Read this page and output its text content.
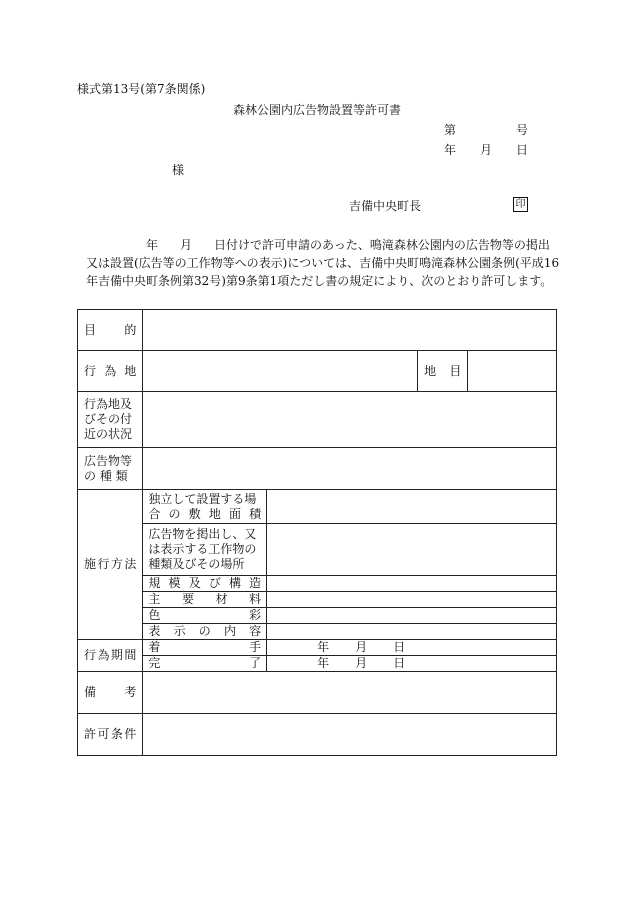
様式第13号(第7条関係)
森林公園内広告物設置等許可書
第	号
年 月 日
様
吉備中央町長	印
年 月 日付けで許可申請のあった、鳴滝森林公園内の広告物等の掲出
又は設置(広告等の工作物等への表示)については、吉備中央町鳴滝森林公園条例(平成16
年吉備中央町条例第32号)第9条第1項ただし書の規定により、次のとおり許可します。
目 的				

行 為 地			地 目	

行為地及
びその付
近の状況				

広告物等
の 種 類				

施行方法	独立して設置する場
合 の 敷 地 面 積			

	広告物を掲出し、又
は表示する工作物の
種類及びその場所			

	規 模 及 び 構 造			

	主 要 材 料			

	色 彩			

	表 示 の 内 容			

行為期間	着 手	年 月 日		

	完 了	年 月 日		

備 考				

許可条件				
